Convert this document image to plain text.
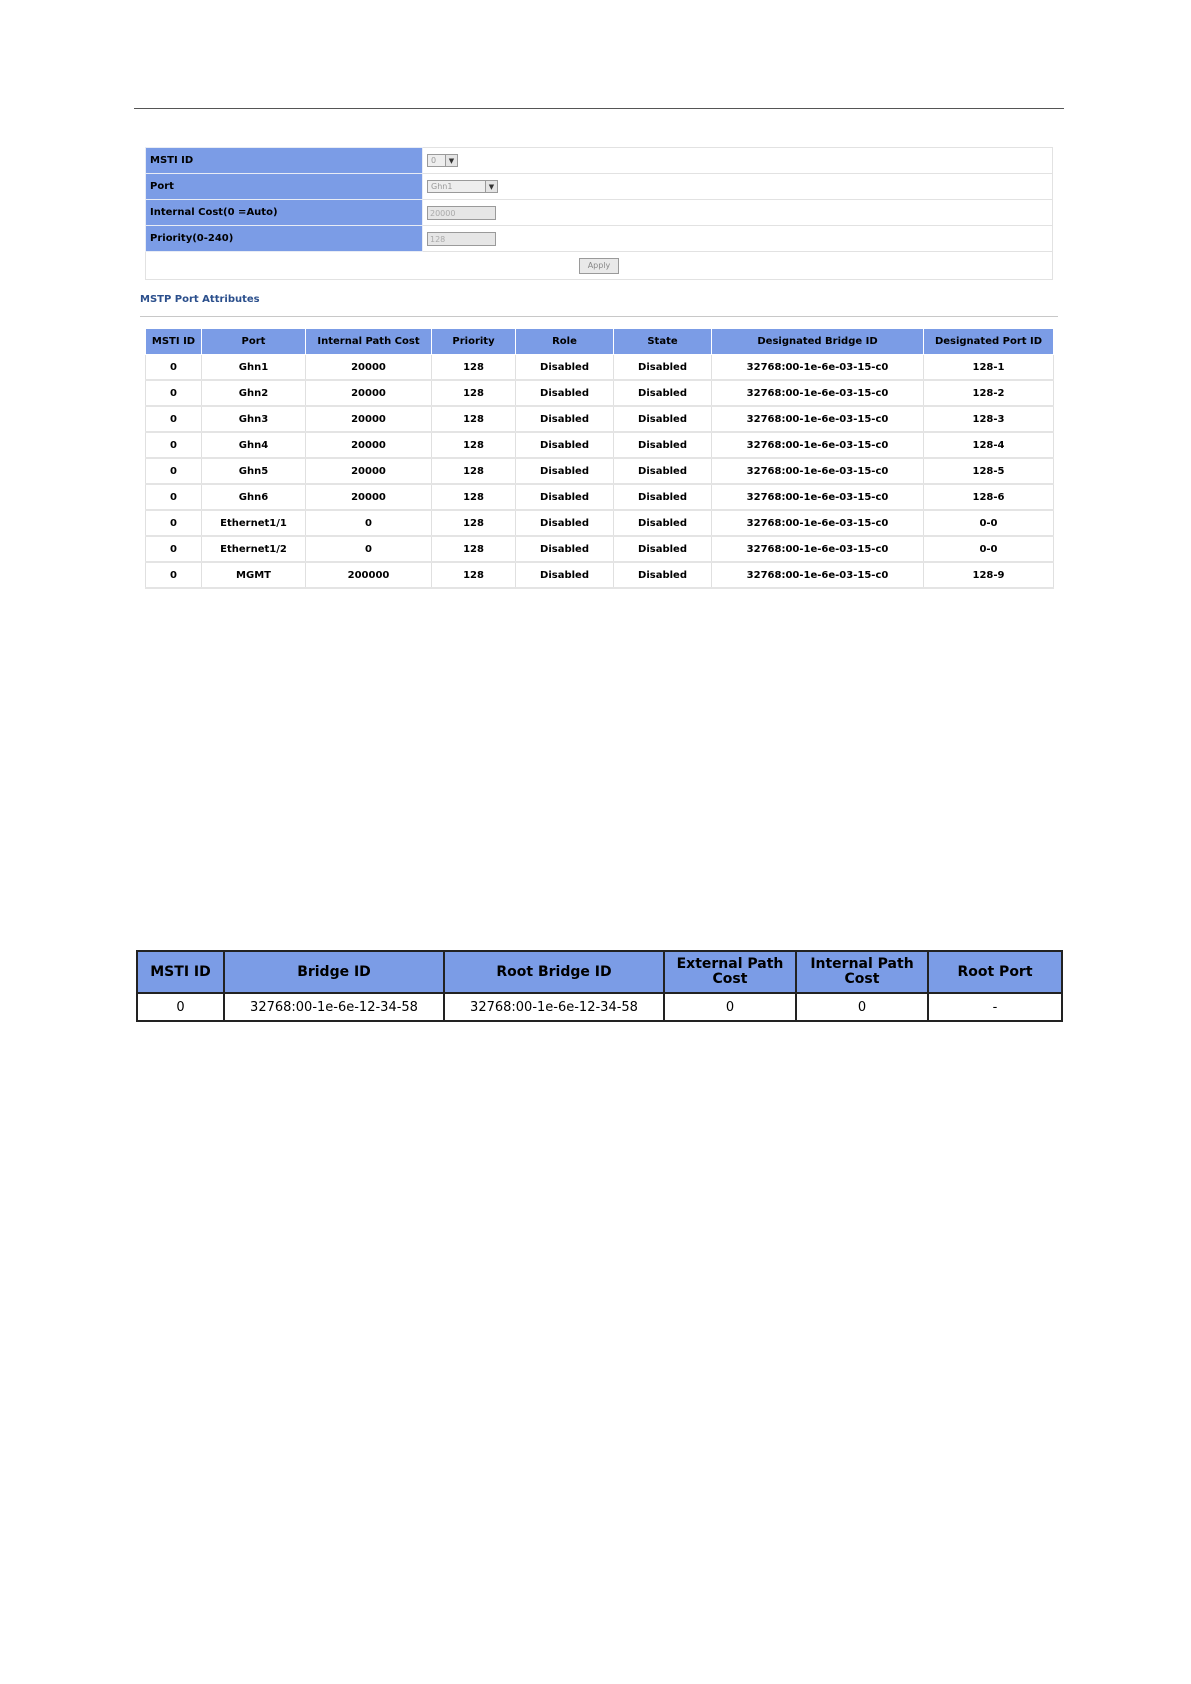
MSTI ID	0 ▼

Port	Ghn1 ▼

Internal Cost(0 =Auto)	20000
Priority(0-240)	128
Apply	
MSTP Port Attributes
MSTI ID	Port	Internal Path Cost	Priority	Role	State	Designated Bridge ID	Designated Port ID
0	Ghn1	20000	128	Disabled	Disabled	32768:00-1e-6e-03-15-c0	128-1
0	Ghn2	20000	128	Disabled	Disabled	32768:00-1e-6e-03-15-c0	128-2
0	Ghn3	20000	128	Disabled	Disabled	32768:00-1e-6e-03-15-c0	128-3
0	Ghn4	20000	128	Disabled	Disabled	32768:00-1e-6e-03-15-c0	128-4
0	Ghn5	20000	128	Disabled	Disabled	32768:00-1e-6e-03-15-c0	128-5
0	Ghn6	20000	128	Disabled	Disabled	32768:00-1e-6e-03-15-c0	128-6
0	Ethernet1/1	0	128	Disabled	Disabled	32768:00-1e-6e-03-15-c0	0-0
0	Ethernet1/2	0	128	Disabled	Disabled	32768:00-1e-6e-03-15-c0	0-0
0	MGMT	200000	128	Disabled	Disabled	32768:00-1e-6e-03-15-c0	128-9
MSTI ID	Bridge ID	Root Bridge ID	External Path Cost	Internal Path Cost	Root Port
0	32768:00-1e-6e-12-34-58	32768:00-1e-6e-12-34-58	0	0	-
